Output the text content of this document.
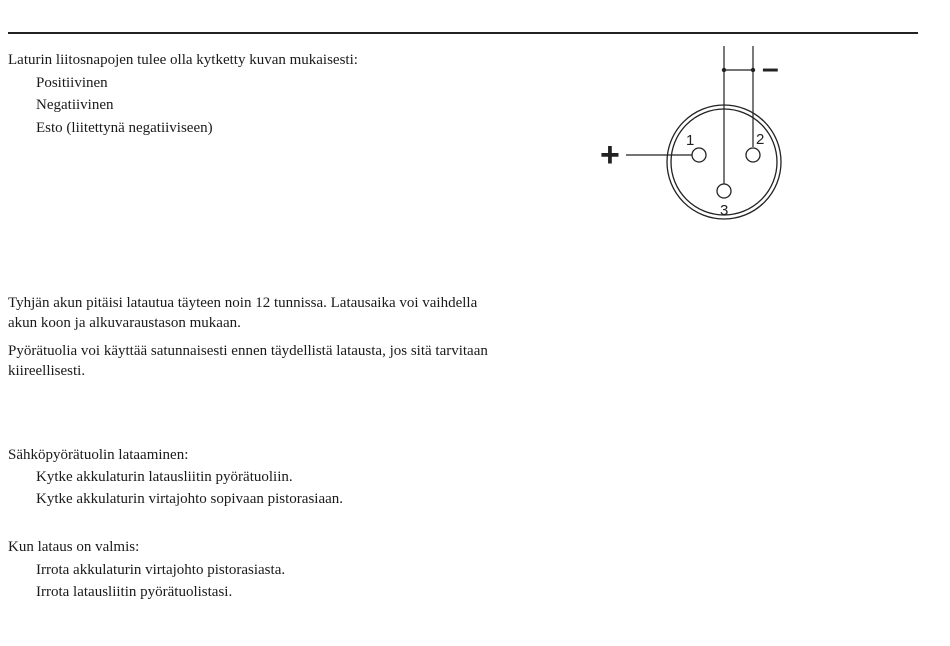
Laturin liitosnapojen tulee olla kytketty kuvan mukaisesti:

Positiivinen

Negatiivinen

Esto (liitettynä negatiiviseen)

1	2
3
+
–

Tyhjän akun pitäisi latautua täyteen noin 12 tunnissa. Latausaika voi vaihdella akun koon ja alkuvaraustason mukaan.

Pyörätuolia voi käyttää satunnaisesti ennen täydellistä latausta, jos sitä tarvitaan kiireellisesti.

Sähköpyörätuolin lataaminen:

Kytke akkulaturin latausliitin pyörätuoliin.

Kytke akkulaturin virtajohto sopivaan pistorasiaan.

Kun lataus on valmis:

Irrota akkulaturin virtajohto pistorasiasta.

Irrota latausliitin pyörätuolistasi.
